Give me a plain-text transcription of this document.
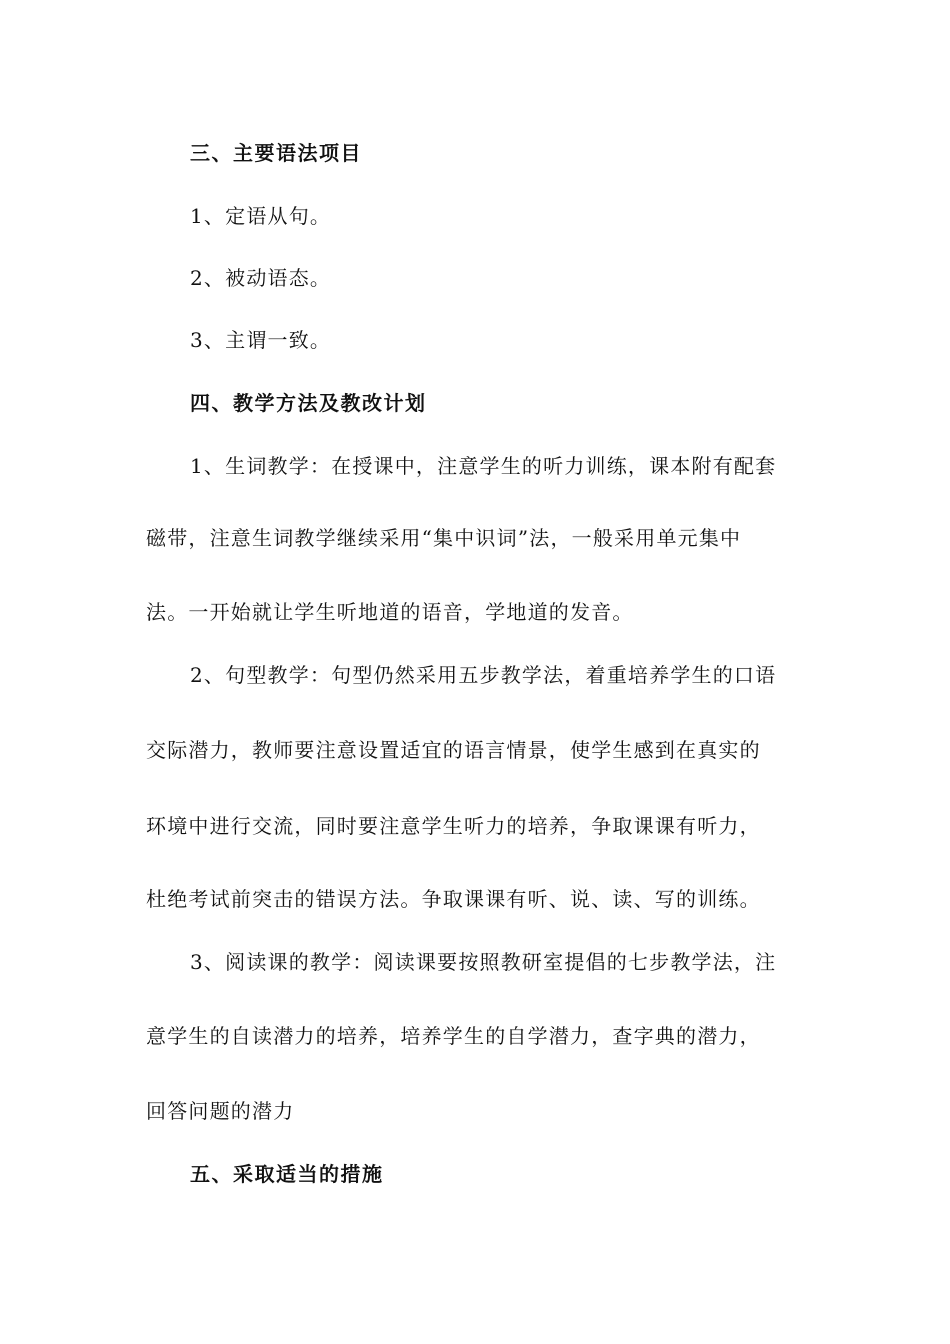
三、主要语法项目
1、定语从句。
2、被动语态。
3、主谓一致。
四、教学方法及教改计划
1、生词教学：在授课中，注意学生的听力训练，课本附有配套
磁带，注意生词教学继续采用“集中识词”法，一般采用单元集中
法。一开始就让学生听地道的语音，学地道的发音。
2、句型教学：句型仍然采用五步教学法，着重培养学生的口语
交际潜力，教师要注意设置适宜的语言情景，使学生感到在真实的
环境中进行交流，同时要注意学生听力的培养，争取课课有听力，
杜绝考试前突击的错误方法。争取课课有听、说、读、写的训练。
3、阅读课的教学：阅读课要按照教研室提倡的七步教学法，注
意学生的自读潜力的培养，培养学生的自学潜力，查字典的潜力，
回答问题的潜力
五、采取适当的措施
